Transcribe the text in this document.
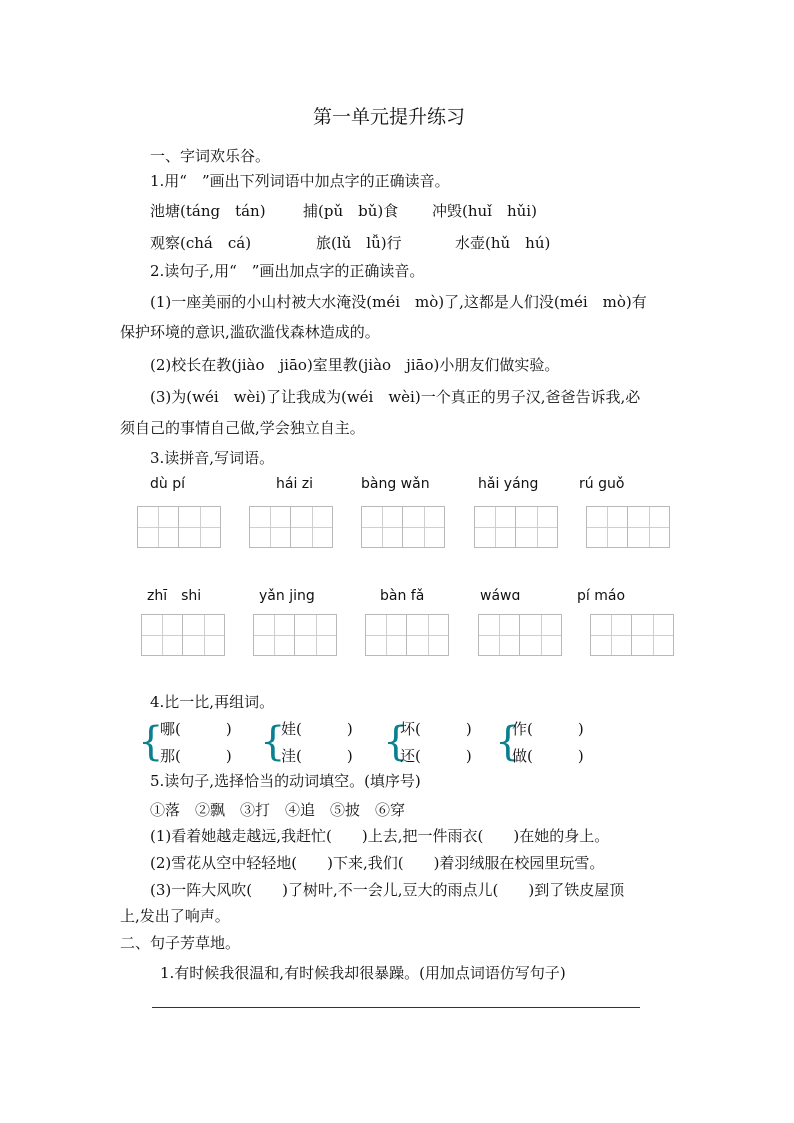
第一单元提升练习
一、字词欢乐谷。
1.用“　”画出下列词语中加点字的正确读音。
池塘(táng　tán) 捕(pǔ　bǔ)食 冲毁(huǐ　hǔi)
观察(chá　cá)	旅(lǔ　lǚ)行	水壶(hǔ　hú)
2.读句子,用“　”画出加点字的正确读音。
(1)一座美丽的小山村被大水淹没(méi　mò)了,这都是人们没(méi　mò)有
保护环境的意识,滥砍滥伐森林造成的。
(2)校长在教(jiào　jiāo)室里教(jiào　jiāo)小朋友们做实验。
(3)为(wéi　wèi)了让我成为(wéi　wèi)一个真正的男子汉,爸爸告诉我,必
须自己的事情自己做,学会独立自主。
3.读拼音,写词语。
dù pí	hái zi	bàng wǎn	hǎi yáng	rú guǒ
zhī　shi	yǎn jing	bàn fǎ	wáwɑ	pí máo
4.比一比,再组词。
{ { { {
哪(　　　)	娃(　　　)	坏(　　　)	作(　　　)
那(　　　)	洼(　　　)	还(　　　)	做(　　　)
5.读句子,选择恰当的动词填空。(填序号)
①落　②飘　③打　④追　⑤披　⑥穿
(1)看着她越走越远,我赶忙(　　)上去,把一件雨衣(　　)在她的身上。
(2)雪花从空中轻轻地(　　)下来,我们(　　)着羽绒服在校园里玩雪。
(3)一阵大风吹(　　)了树叶,不一会儿,豆大的雨点儿(　　)到了铁皮屋顶
上,发出了响声。
二、句子芳草地。
1.有时候我很温和,有时候我却很暴躁。(用加点词语仿写句子)
